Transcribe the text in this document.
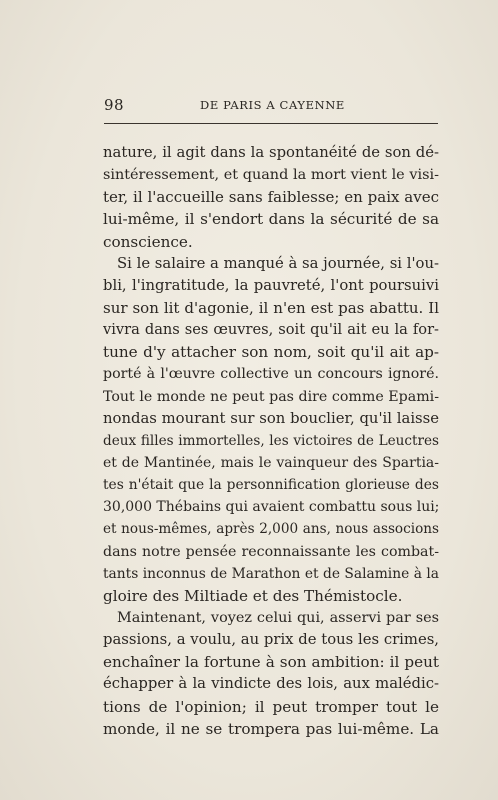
98	DE PARIS A CAYENNE
nature, il agit dans la spontanéité de son dé-
sintéressement, et quand la mort vient le visi-
ter, il l'accueille sans faiblesse; en paix avec
lui-même, il s'endort dans la sécurité de sa
conscience.
Si le salaire a manqué à sa journée, si l'ou-
bli, l'ingratitude, la pauvreté, l'ont poursuivi
sur son lit d'agonie, il n'en est pas abattu. Il
vivra dans ses œuvres, soit qu'il ait eu la for-
tune d'y attacher son nom, soit qu'il ait ap-
porté à l'œuvre collective un concours ignoré.
Tout le monde ne peut pas dire comme Epami-
nondas mourant sur son bouclier, qu'il laisse
deux filles immortelles, les victoires de Leuctres
et de Mantinée, mais le vainqueur des Spartia-
tes n'était que la personnification glorieuse des
30,000 Thébains qui avaient combattu sous lui;
et nous-mêmes, après 2,000 ans, nous associons
dans notre pensée reconnaissante les combat-
tants inconnus de Marathon et de Salamine à la
gloire des Miltiade et des Thémistocle.
Maintenant, voyez celui qui, asservi par ses
passions, a voulu, au prix de tous les crimes,
enchaîner la fortune à son ambition: il peut
échapper à la vindicte des lois, aux malédic-
tions de l'opinion; il peut tromper tout le
monde, il ne se trompera pas lui-même. La
